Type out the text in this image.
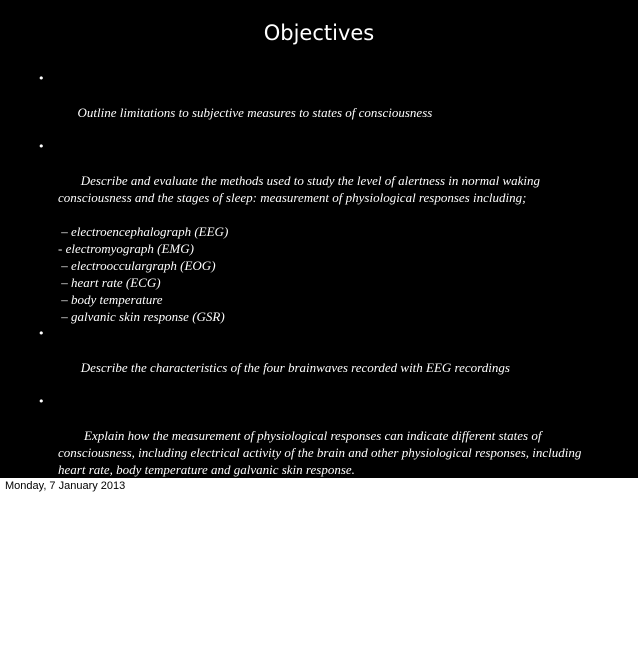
Objectives

•

Outline limitations to subjective measures to states of consciousness

•

Describe and evaluate the methods used to study the level of alertness in normal waking consciousness and the stages of sleep: measurement of physiological responses including;

– electroencephalograph (EEG)
- electromyograph (EMG)
– electroocculargraph (EOG)
– heart rate (ECG)
– body temperature
– galvanic skin response (GSR)

•

Describe the characteristics of the four brainwaves recorded with EEG recordings

•

Explain how the measurement of physiological responses can indicate different states of consciousness, including electrical activity of the brain and other physiological responses, including heart rate, body temperature and galvanic skin response.

•

Describe the characteristics of a beta, alpha, Theta, and delta brainwave in terms of frequency and amplitude

•

Identify when alpha, theta, and delta brainwaves occur in terms of states of consciousness

Monday, 7 January 2013
